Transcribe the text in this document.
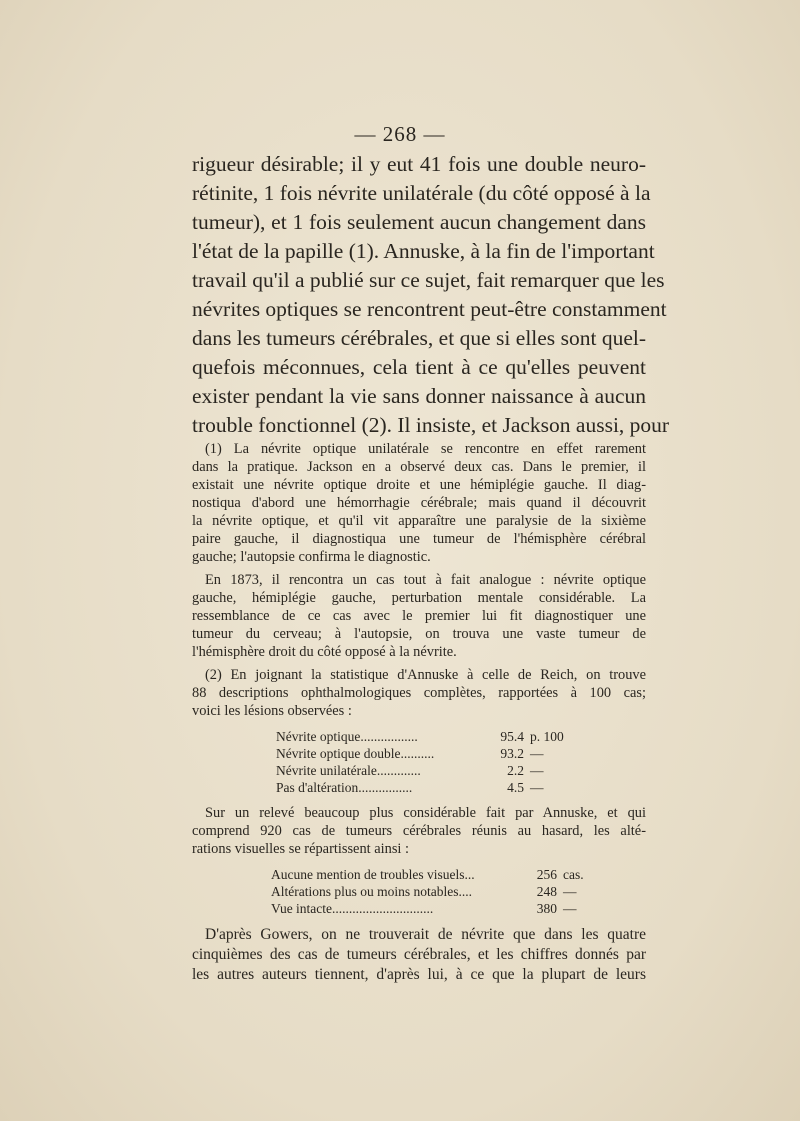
— 268 —
rigueur désirable; il y eut 41 fois une double neuro-
rétinite, 1 fois névrite unilatérale (du côté opposé à la
tumeur), et 1 fois seulement aucun changement dans
l'état de la papille (1). Annuske, à la fin de l'important
travail qu'il a publié sur ce sujet, fait remarquer que les
névrites optiques se rencontrent peut-être constamment
dans les tumeurs cérébrales, et que si elles sont quel-
quefois méconnues, cela tient à ce qu'elles peuvent
exister pendant la vie sans donner naissance à aucun
trouble fonctionnel (2). Il insiste, et Jackson aussi, pour
(1) La névrite optique unilatérale se rencontre en effet rarement
dans la pratique. Jackson en a observé deux cas. Dans le premier, il
existait une névrite optique droite et une hémiplégie gauche. Il diag-
nostiqua d'abord une hémorrhagie cérébrale; mais quand il découvrit
la névrite optique, et qu'il vit apparaître une paralysie de la sixième
paire gauche, il diagnostiqua une tumeur de l'hémisphère cérébral
gauche; l'autopsie confirma le diagnostic.
En 1873, il rencontra un cas tout à fait analogue : névrite optique
gauche, hémiplégie gauche, perturbation mentale considérable. La
ressemblance de ce cas avec le premier lui fit diagnostiquer une
tumeur du cerveau; à l'autopsie, on trouva une vaste tumeur de
l'hémisphère droit du côté opposé à la névrite.
(2) En joignant la statistique d'Annuske à celle de Reich, on trouve
88 descriptions ophthalmologiques complètes, rapportées à 100 cas;
voici les lésions observées :
Névrite optique.................	95.4	p. 100
Névrite optique double..........	93.2	—
Névrite unilatérale.............	2.2	—
Pas d'altération................	4.5	—
Sur un relevé beaucoup plus considérable fait par Annuske, et qui
comprend 920 cas de tumeurs cérébrales réunis au hasard, les alté-
rations visuelles se répartissent ainsi :
Aucune mention de troubles visuels...	256	cas.
Altérations plus ou moins notables....	248	—
Vue intacte..............................	380	—
D'après Gowers, on ne trouverait de névrite que dans les quatre
cinquièmes des cas de tumeurs cérébrales, et les chiffres donnés par
les autres auteurs tiennent, d'après lui, à ce que la plupart de leurs
